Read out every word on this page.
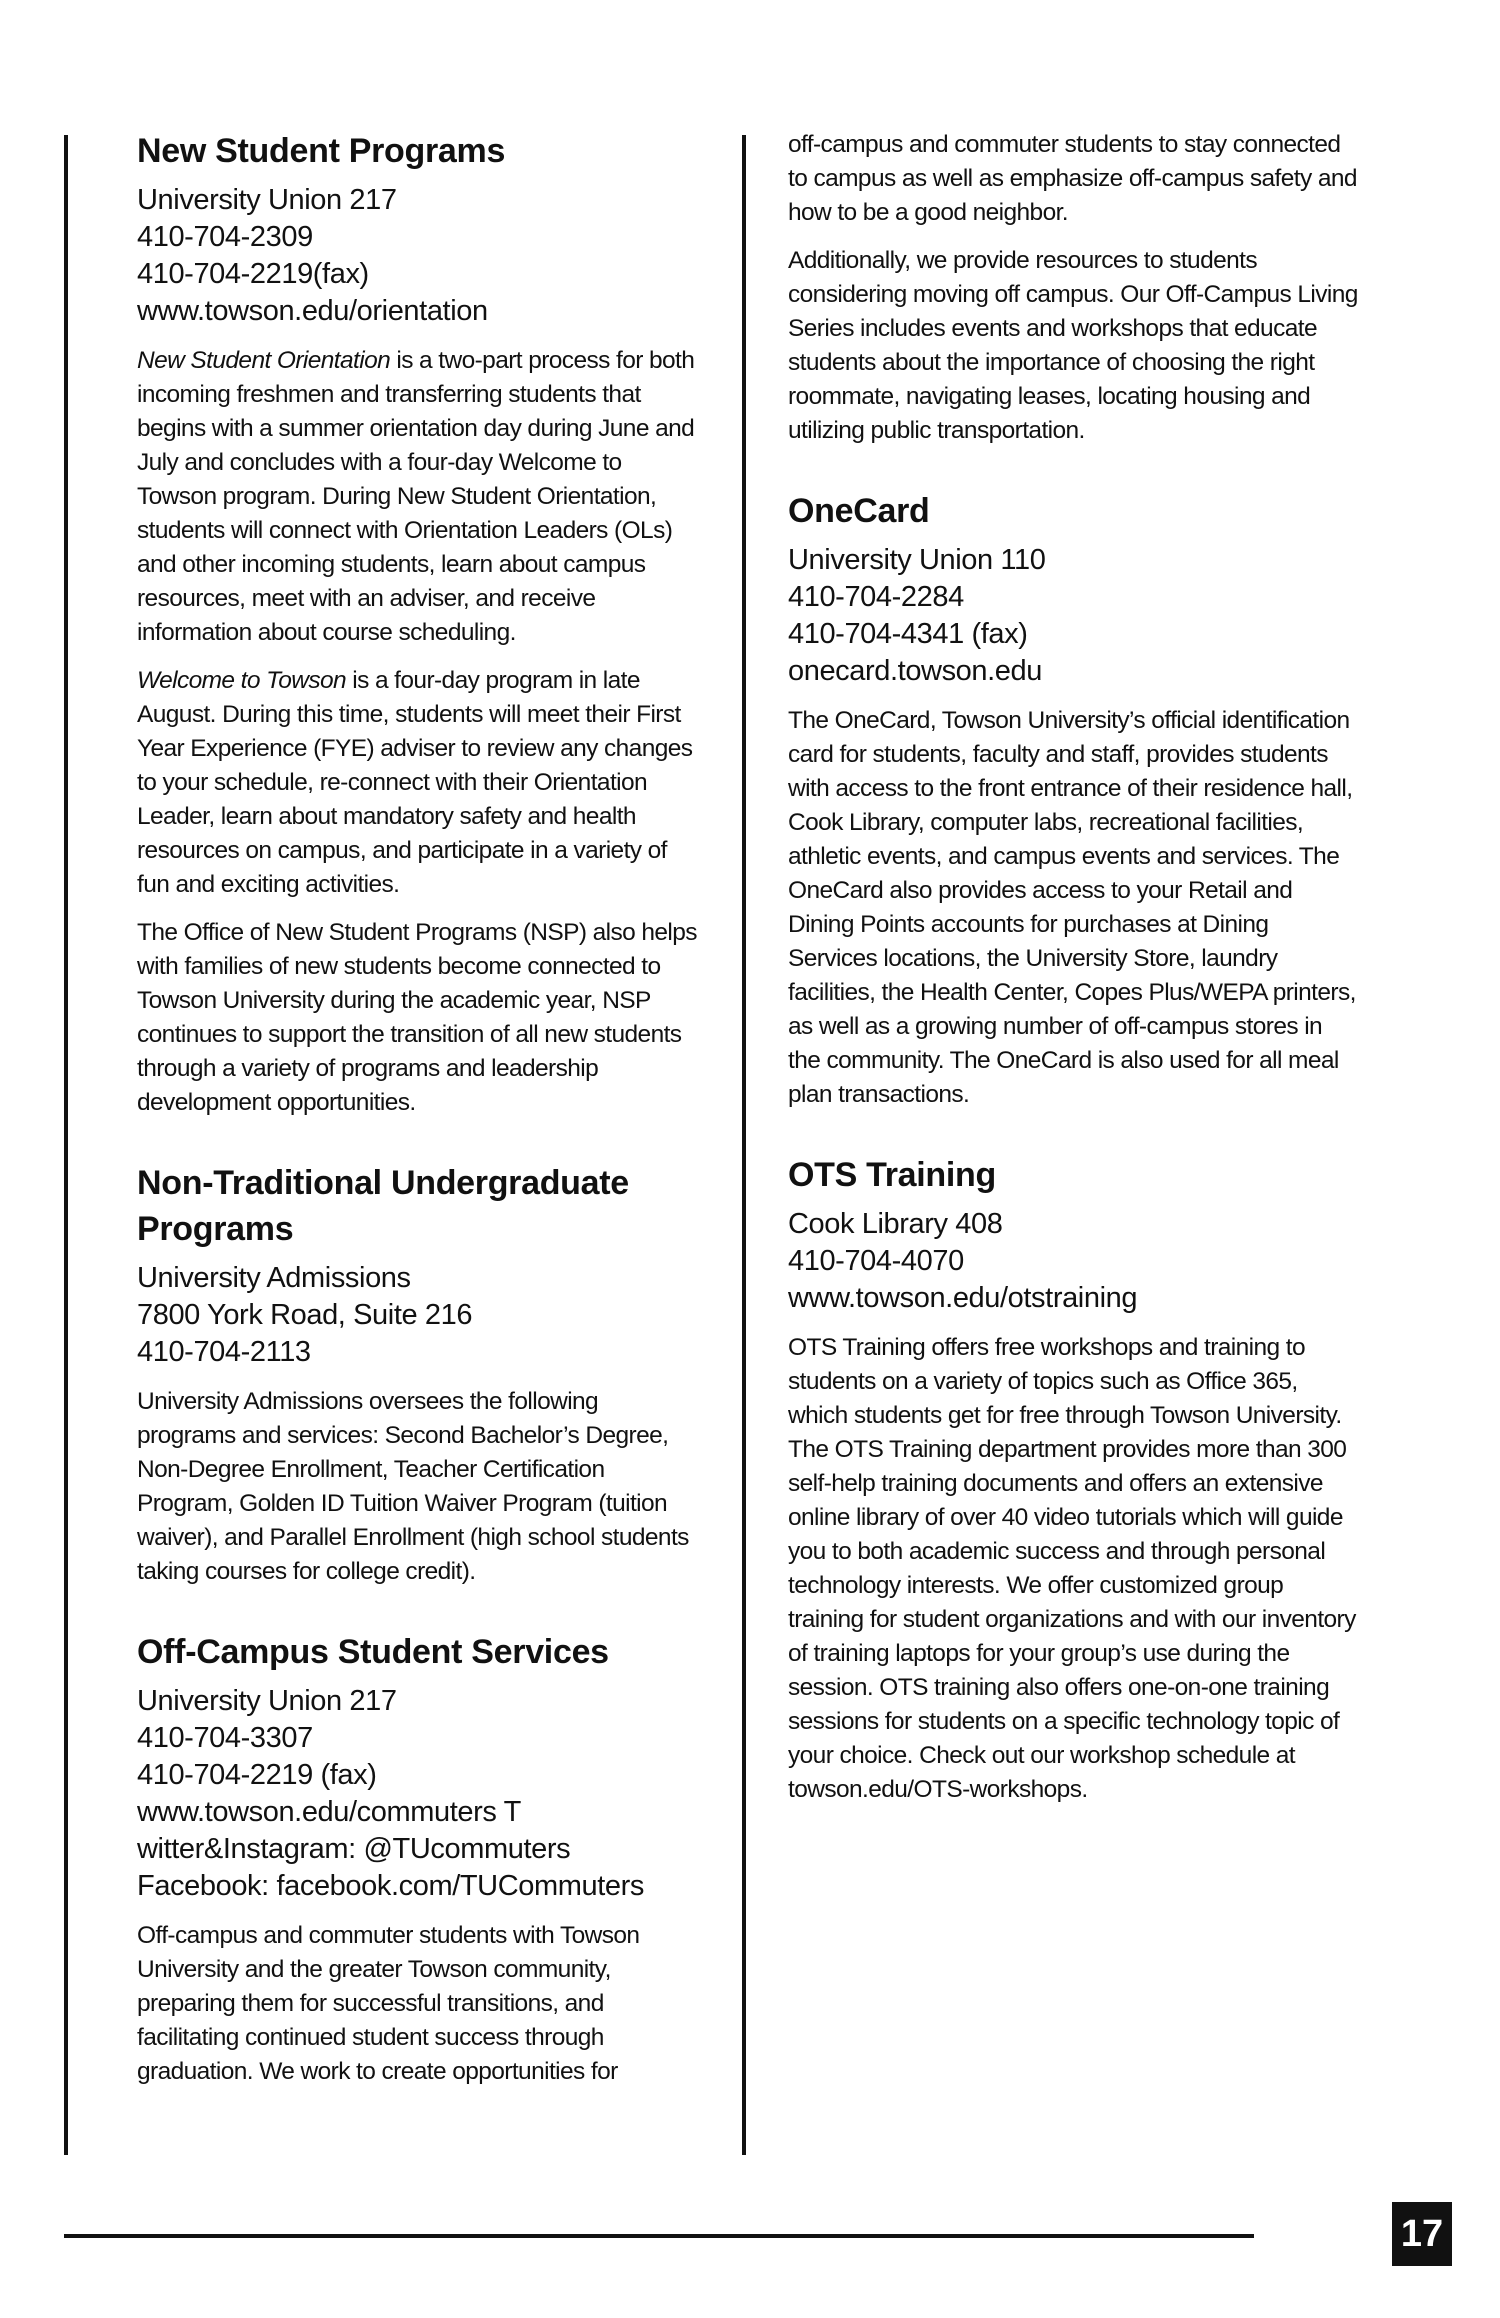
17
New Student Programs
University Union 217
410-704-2309
410-704-2219(fax)
www.towson.edu/orientation

New Student Orientation is a two-part process for both incoming freshmen and transferring students that begins with a summer orientation day during June and July and concludes with a four-day Welcome to Towson program. During New Student Orientation, students will connect with Orientation Leaders (OLs) and other incoming students, learn about campus resources, meet with an adviser, and receive information about course scheduling.

Welcome to Towson is a four-day program in late August. During this time, students will meet their First Year Experience (FYE) adviser to review any changes to your schedule, re-connect with their Orientation Leader, learn about mandatory safety and health resources on campus, and participate in a variety of fun and exciting activities.

The Office of New Student Programs (NSP) also helps with families of new students become connected to Towson University during the academic year, NSP continues to support the transition of all new students through a variety of programs and leadership development opportunities.

Non-Traditional Undergraduate
Programs
University Admissions
7800 York Road, Suite 216
410-704-2113

University Admissions oversees the following programs and services: Second Bachelor’s Degree, Non-Degree Enrollment, Teacher Certification Program, Golden ID Tuition Waiver Program (tuition waiver), and Parallel Enrollment (high school students taking courses for college credit).

Off-Campus Student Services
University Union 217
410-704-3307
410-704-2219 (fax)
www.towson.edu/commuters T
witter&Instagram: @TUcommuters
Facebook: facebook.com/TUCommuters

Off-campus and commuter students with Towson University and the greater Towson community, preparing them for successful transitions, and facilitating continued student success through graduation. We work to create opportunities for

off-campus and commuter students to stay connected to campus as well as emphasize off-campus safety and how to be a good neighbor.

Additionally, we provide resources to students considering moving off campus. Our Off-Campus Living Series includes events and workshops that educate students about the importance of choosing the right roommate, navigating leases, locating housing and utilizing public transportation.

OneCard
University Union 110
410-704-2284
410-704-4341 (fax)
onecard.towson.edu

The OneCard, Towson University’s official identification card for students, faculty and staff, provides students with access to the front entrance of their residence hall, Cook Library, computer labs, recreational facilities, athletic events, and campus events and services. The OneCard also provides access to your Retail and Dining Points accounts for purchases at Dining Services locations, the University Store, laundry facilities, the Health Center, Copes Plus/WEPA printers, as well as a growing number of off-campus stores in the community. The OneCard is also used for all meal plan transactions.

OTS Training
Cook Library 408
410-704-4070
www.towson.edu/otstraining

OTS Training offers free workshops and training to students on a variety of topics such as Office 365, which students get for free through Towson University. The OTS Training department provides more than 300 self-help training documents and offers an extensive online library of over 40 video tutorials which will guide you to both academic success and through personal technology interests. We offer customized group training for student organizations and with our inventory of training laptops for your group’s use during the session. OTS training also offers one-on-one training sessions for students on a specific technology topic of your choice. Check out our workshop schedule at towson.edu/OTS-workshops.
